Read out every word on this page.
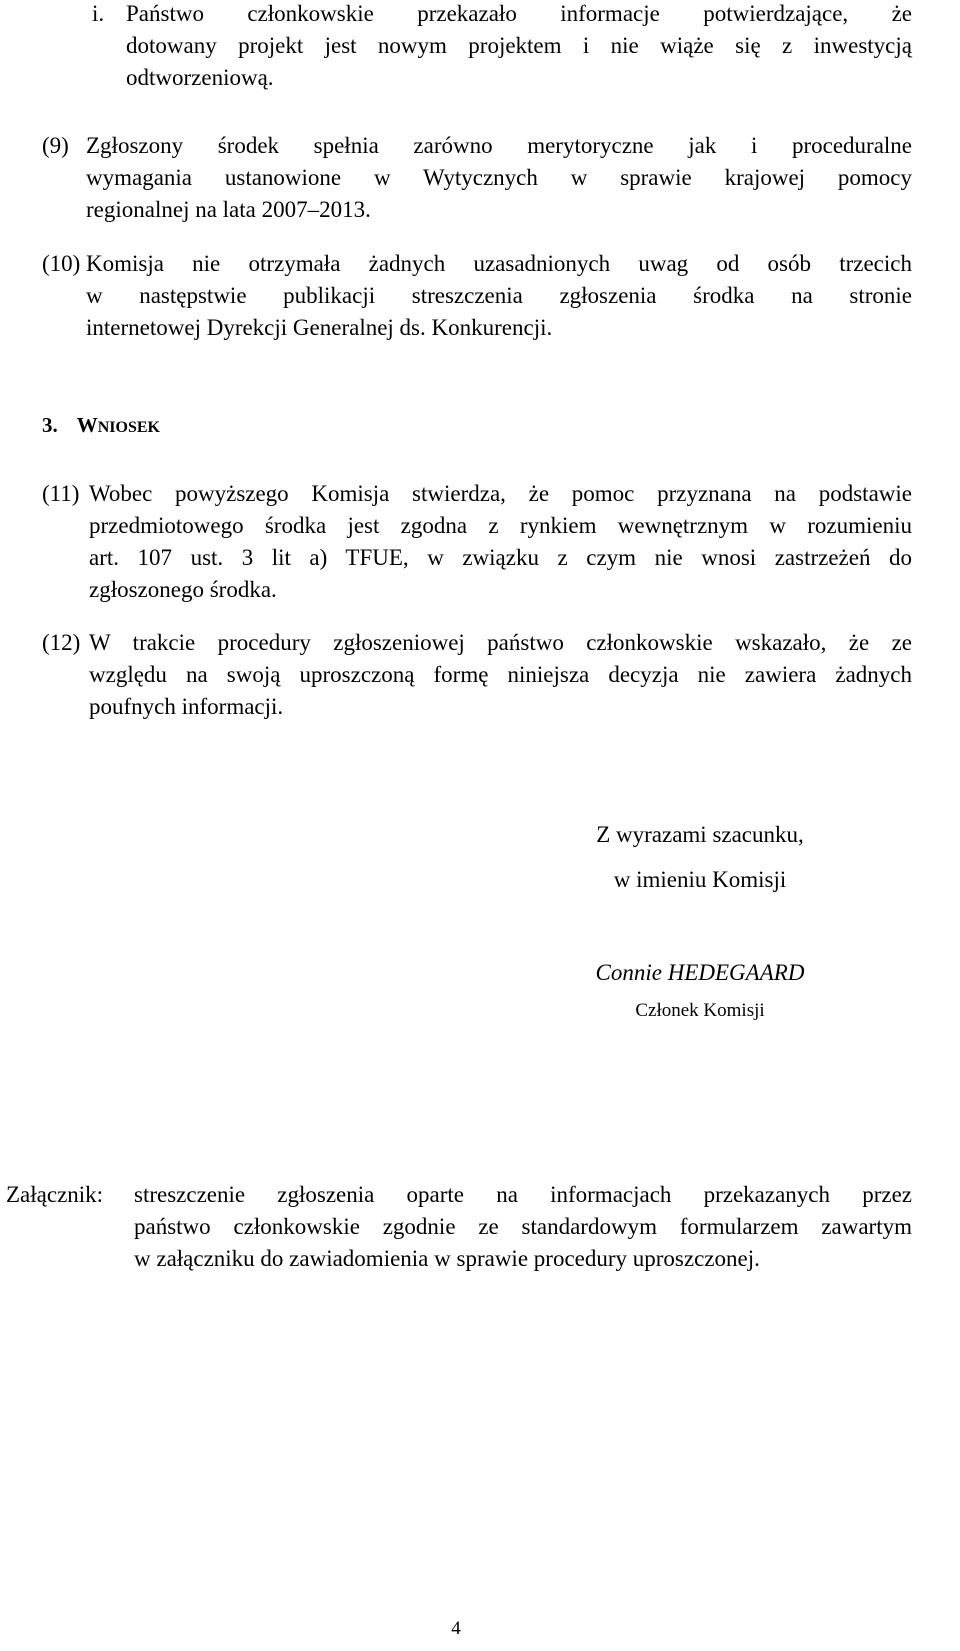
i. Państwo członkowskie przekazało informacje potwierdzające, że
dotowany projekt jest nowym projektem i nie wiąże się z inwestycją
odtworzeniową.
(9) Zgłoszony środek spełnia zarówno merytoryczne jak i proceduralne
wymagania ustanowione w Wytycznych w sprawie krajowej pomocy
regionalnej na lata 2007–2013.
(10) Komisja nie otrzymała żadnych uzasadnionych uwag od osób trzecich
w następstwie publikacji streszczenia zgłoszenia środka na stronie
internetowej Dyrekcji Generalnej ds. Konkurencji.
3. WNIOSEK
(11) Wobec powyższego Komisja stwierdza, że pomoc przyznana na podstawie
przedmiotowego środka jest zgodna z rynkiem wewnętrznym w rozumieniu
art. 107 ust. 3 lit a) TFUE, w związku z czym nie wnosi zastrzeżeń do
zgłoszonego środka.
(12) W trakcie procedury zgłoszeniowej państwo członkowskie wskazało, że ze
względu na swoją uproszczoną formę niniejsza decyzja nie zawiera żadnych
poufnych informacji.
Z wyrazami szacunku,
w imieniu Komisji
Connie HEDEGAARD
Członek Komisji
Załącznik: streszczenie zgłoszenia oparte na informacjach przekazanych przez
państwo członkowskie zgodnie ze standardowym formularzem zawartym
w załączniku do zawiadomienia w sprawie procedury uproszczonej.
4
